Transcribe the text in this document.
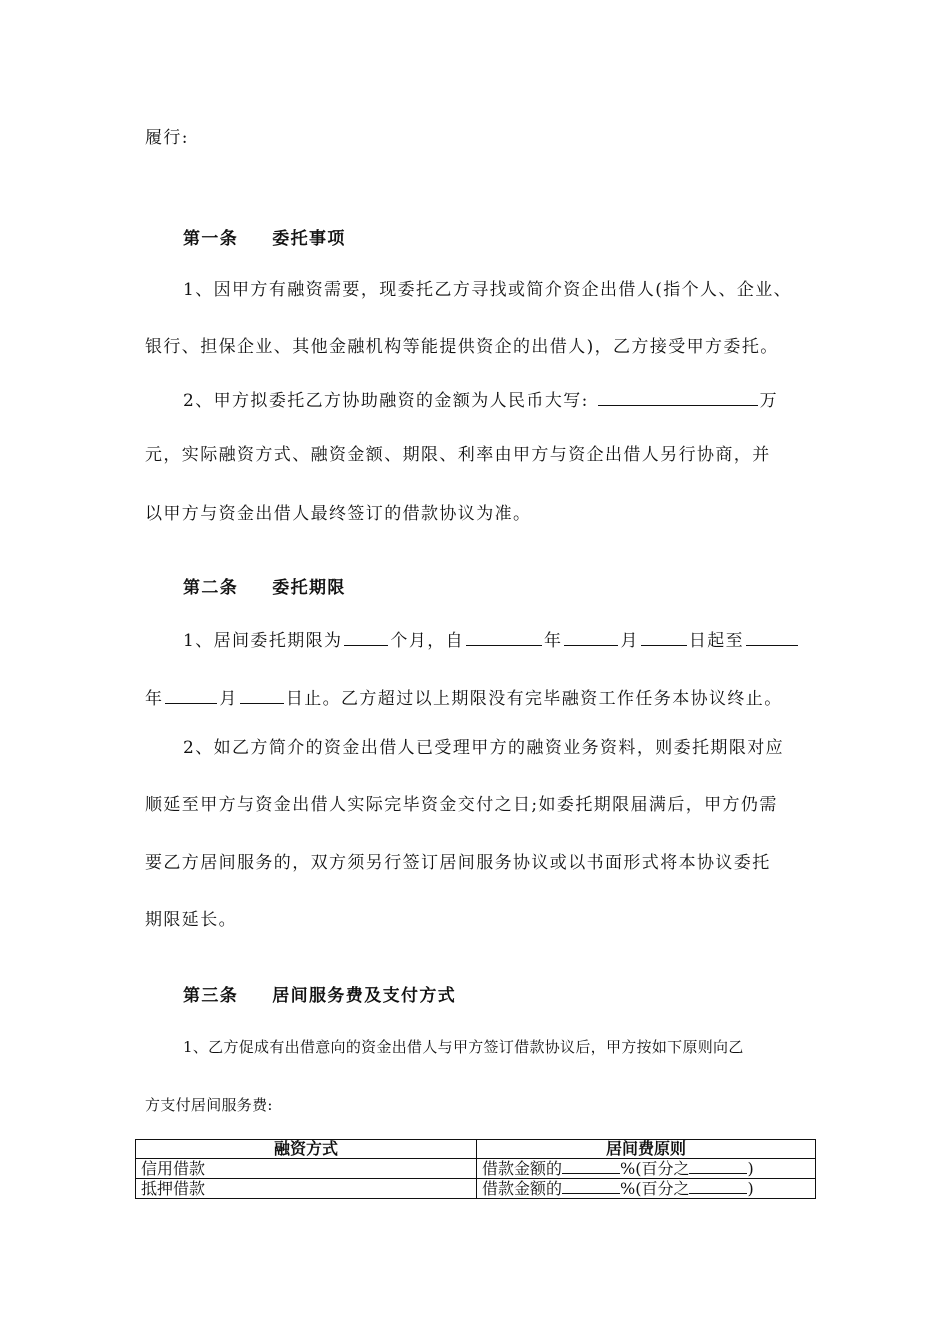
履行:
第一条 委托事项
1、因甲方有融资需要，现委托乙方寻找或简介资企出借人(指个人、企业、
银行、担保企业、其他金融机构等能提供资企的出借人)，乙方接受甲方委托。
2、甲方拟委托乙方协助融资的金额为人民币大写:	万
元，实际融资方式、融资金额、期限、利率由甲方与资企出借人另行协商，并
以甲方与资金出借人最终签订的借款协议为准。
第二条 委托期限
1、居间委托期限为	个月，自	年	月	日起至
年	月	日止。乙方超过以上期限没有完毕融资工作任务本协议终止。
2、如乙方简介的资金出借人已受理甲方的融资业务资料，则委托期限对应
顺延至甲方与资金出借人实际完毕资金交付之日;如委托期限届满后，甲方仍需
要乙方居间服务的，双方须另行签订居间服务协议或以书面形式将本协议委托
期限延长。
第三条 居间服务费及支付方式
1、乙方促成有出借意向的资金出借人与甲方签订借款协议后，甲方按如下原则向乙
方支付居间服务费:
融资方式	居间费原则
信用借款	借款金额的 %(百分之 )
抵押借款	借款金额的 %(百分之 )
